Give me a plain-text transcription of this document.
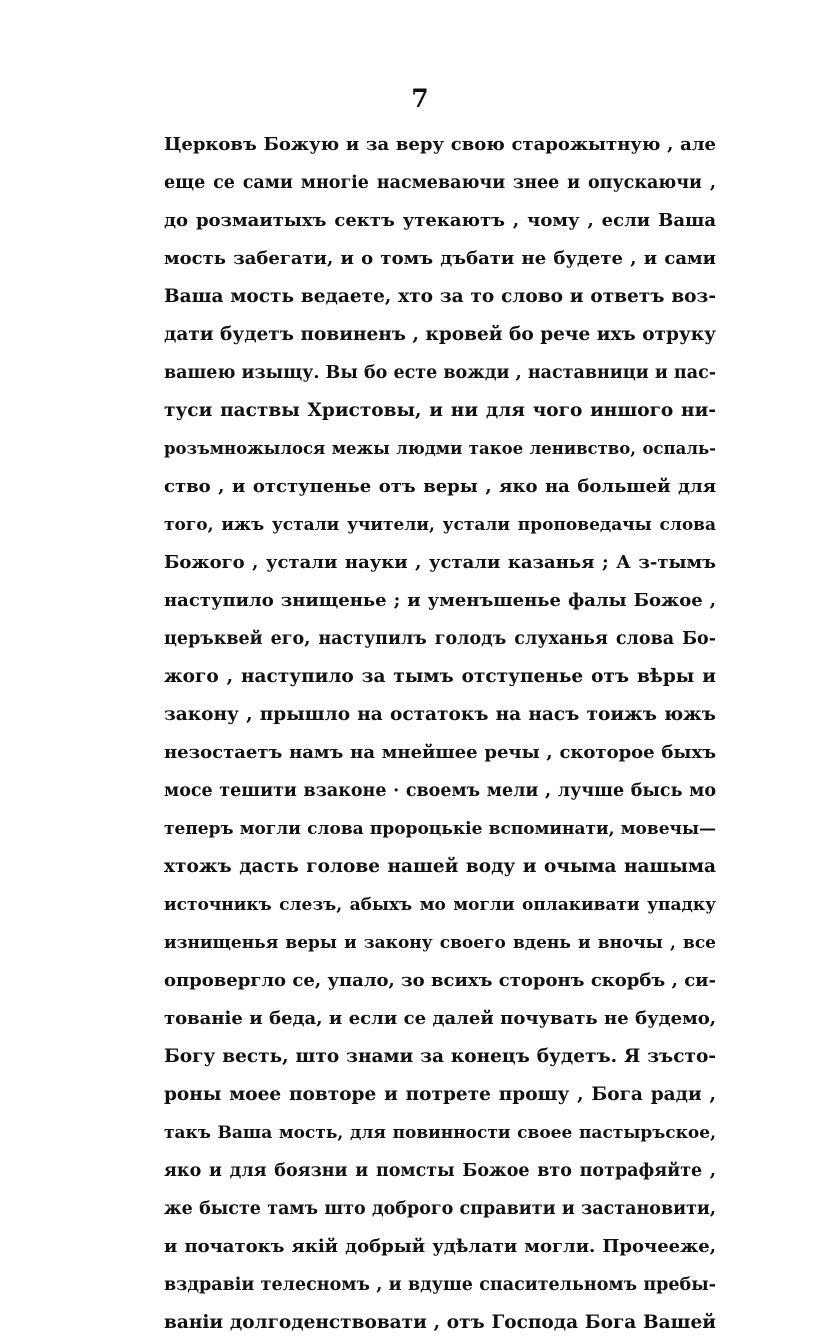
7
Церковъ Божую и за веру свою старожытную , але
еще се сами многіе насмеваючи знее и опускаючи ,
до розмаитыхъ сектъ утекаютъ , чому , если Ваша
мость забегати, и о томъ дъбати не будете , и сами
Ваша мость ведаете, хто за то слово и ответъ воз-
дати будетъ повиненъ , кровей бо рече ихъ отруку
вашею изыщу. Вы бо есте вожди , наставници и пас-
туси паствы Христовы, и ни для чого иншого ни-
розъмножылося межы людми такое ленивство, оспаль-
ство , и отступенье отъ веры , яко на большей для
того, ижъ устали учители, устали проповедачы слова
Божого , устали науки , устали казанья ; А з-тымъ
наступило знищенье ; и уменъшенье фалы Божое ,
церъквей его, наступилъ голодъ слуханья слова Бо-
жого , наступило за тымъ отступенье отъ вѣры и
закону , прышло на остатокъ на насъ тоижъ южъ
незостаетъ намъ на мнейшее речы , скоторое быхъ
мосе тешити взаконе · своемъ мели , лучше бысь мо
теперъ могли слова пророцькіе вспоминати, мовечы—
хтожъ дасть голове нашей воду и очыма нашыма
источникъ слезъ, абыхъ мо могли оплакивати упадку
изнищенья веры и закону своего вдень и вночы , все
опровергло се, упало, зо всихъ сторонъ скорбъ , си-
тованіе и беда, и если се далей почувать не будемо,
Богу весть, што знами за конецъ будетъ. Я зъсто-
роны моее повторе и потрете прошу , Бога ради ,
такъ Ваша мость, для повинности своее пастыръское,
яко и для боязни и помсты Божое вто потрафяйте ,
же бысте тамъ што доброго справити и застановити,
и початокъ якій добрый удѣлати могли. Прочееже,
вздравіи телесномъ , и вдуше спасительномъ пребы-
ваніи долгоденствовати , отъ Господа Бога Вашей
